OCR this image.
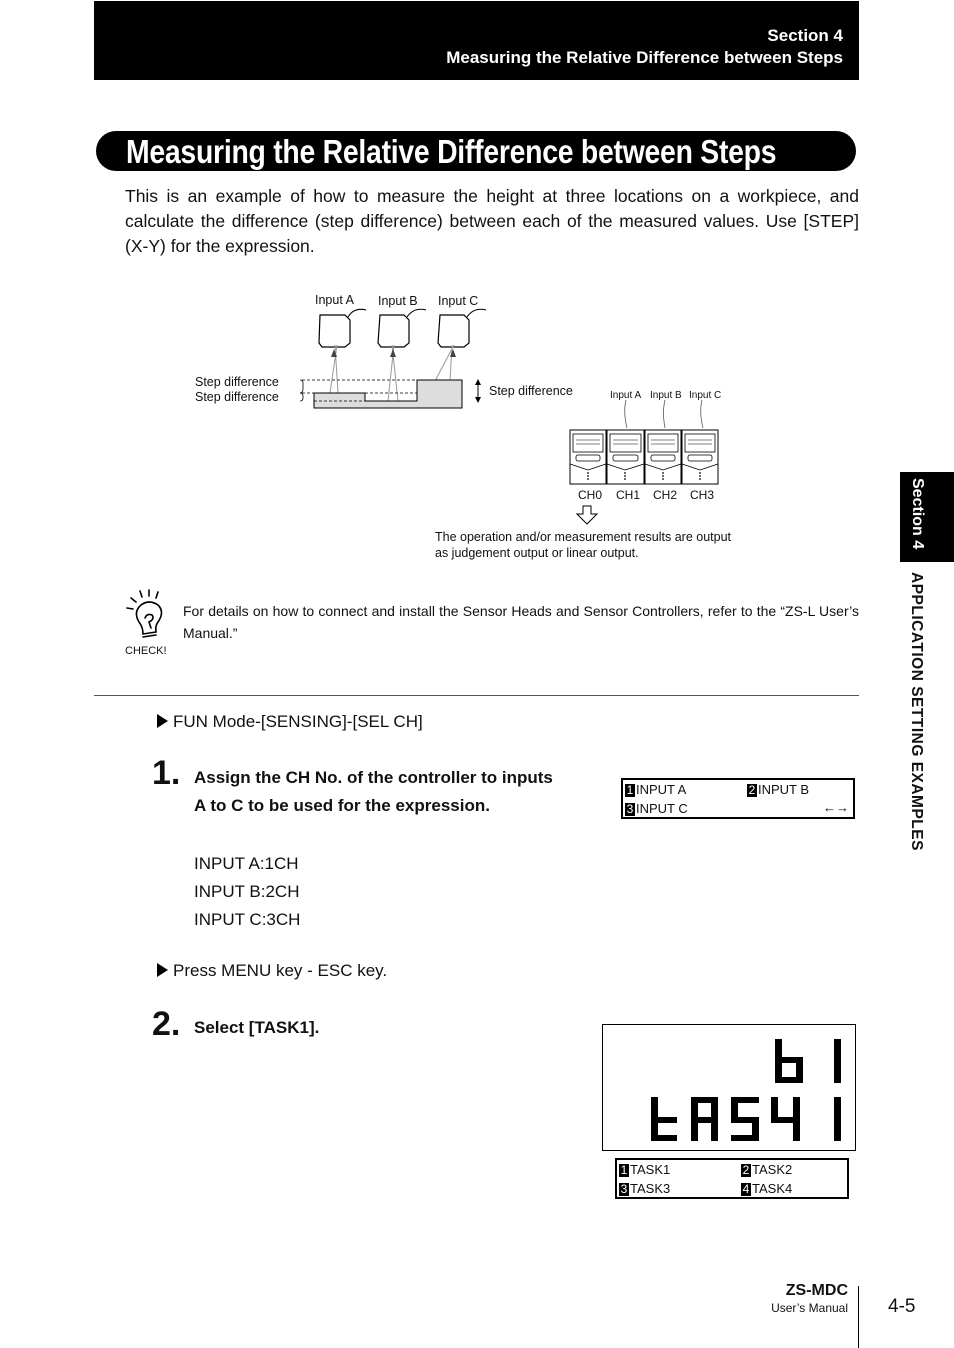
Section 4
Measuring the Relative Difference between Steps
Measuring the Relative Difference between Steps
This is an example of how to measure the height at three locations on a workpiece, and calculate the difference (step difference) between each of the measured values. Use [STEP] (X-Y) for the expression.
Input A Input B Input C
Step difference
Step difference	Step difference	Input A Input B Input C
CH0 CH1 CH2 CH3
The operation and/or measurement results are output
as judgement output or linear output.
CHECK!
For details on how to connect and install the Sensor Heads and Sensor Controllers, refer to the “ZS-L User’s Manual.”
FUN Mode-[SENSING]-[SEL CH]
1. Assign the CH No. of the controller to inputs
A to C to be used for the expression.
INPUT A:1CH
INPUT B:2CH
INPUT C:3CH
1 INPUT A	2 INPUT B
3 INPUT C	←→
Press MENU key - ESC key.
2. Select [TASK1].
1 TASK1	2 TASK2
3 TASK3	4 TASK4
Section 4
APPLICATION SETTING EXAMPLES
ZS-MDC
User’s Manual 4-5
